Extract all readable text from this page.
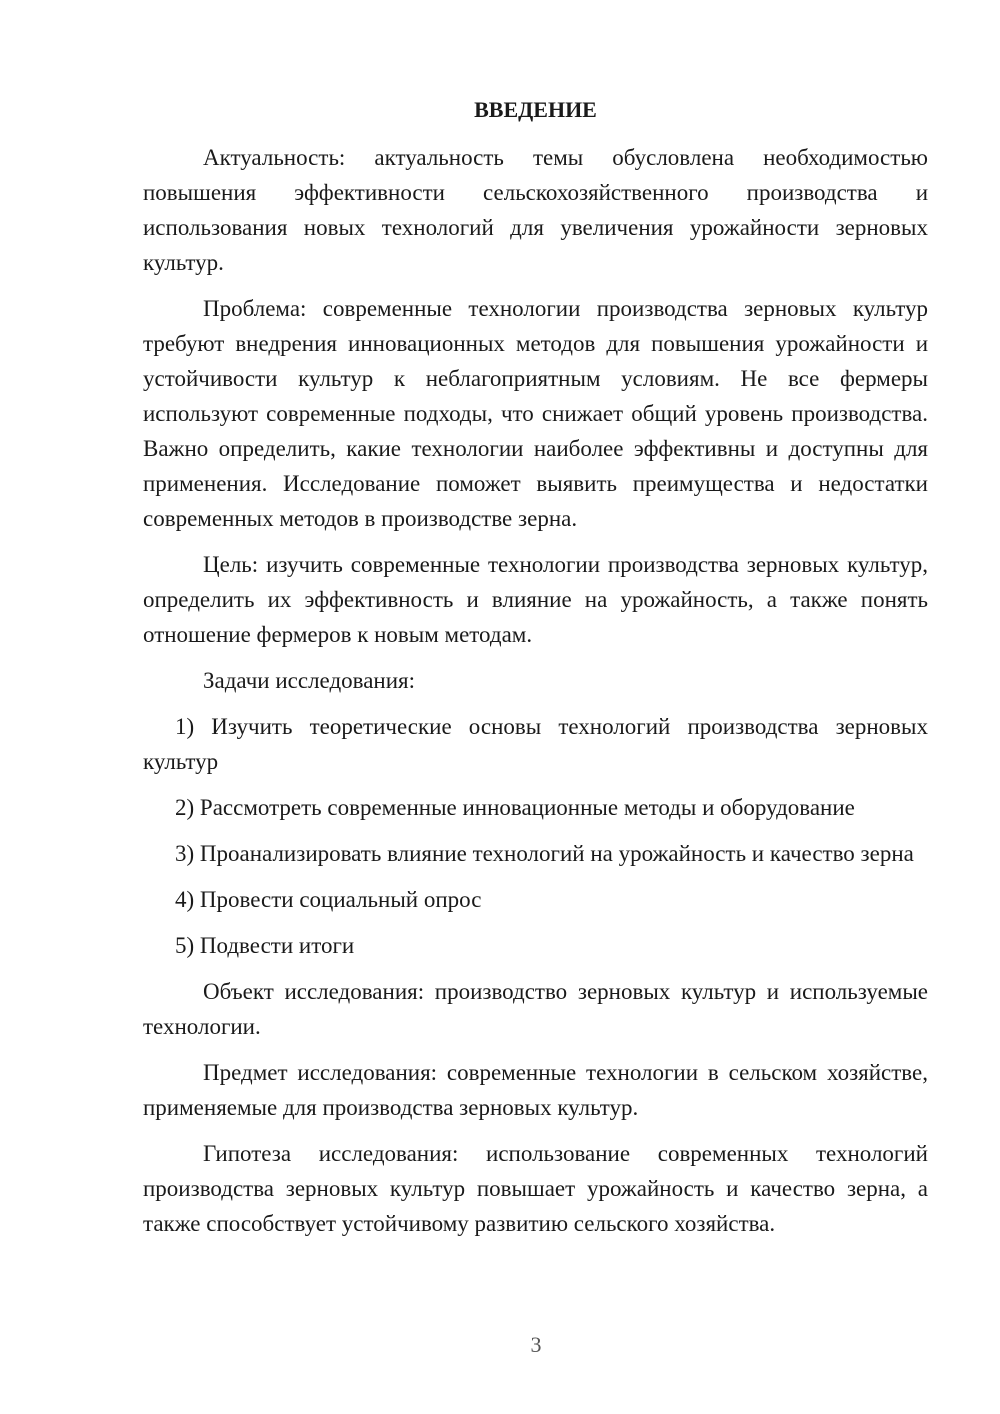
ВВЕДЕНИЕ

Актуальность: актуальность темы обусловлена необходимостью повышения эффективности сельскохозяйственного производства и использования новых технологий для увеличения урожайности зерновых культур.

Проблема: современные технологии производства зерновых культур требуют внедрения инновационных методов для повышения урожайности и устойчивости культур к неблагоприятным условиям. Не все фермеры используют современные подходы, что снижает общий уровень производства. Важно определить, какие технологии наиболее эффективны и доступны для применения. Исследование поможет выявить преимущества и недостатки современных методов в производстве зерна.

Цель: изучить современные технологии производства зерновых культур, определить их эффективность и влияние на урожайность, а также понять отношение фермеров к новым методам.

Задачи исследования:

1) Изучить теоретические основы технологий производства зерновых культур

2) Рассмотреть современные инновационные методы и оборудование

3) Проанализировать влияние технологий на урожайность и качество зерна

4) Провести социальный опрос

5) Подвести итоги

Объект исследования: производство зерновых культур и используемые технологии.

Предмет исследования: современные технологии в сельском хозяйстве, применяемые для производства зерновых культур.

Гипотеза исследования: использование современных технологий производства зерновых культур повышает урожайность и качество зерна, а также способствует устойчивому развитию сельского хозяйства.

3
